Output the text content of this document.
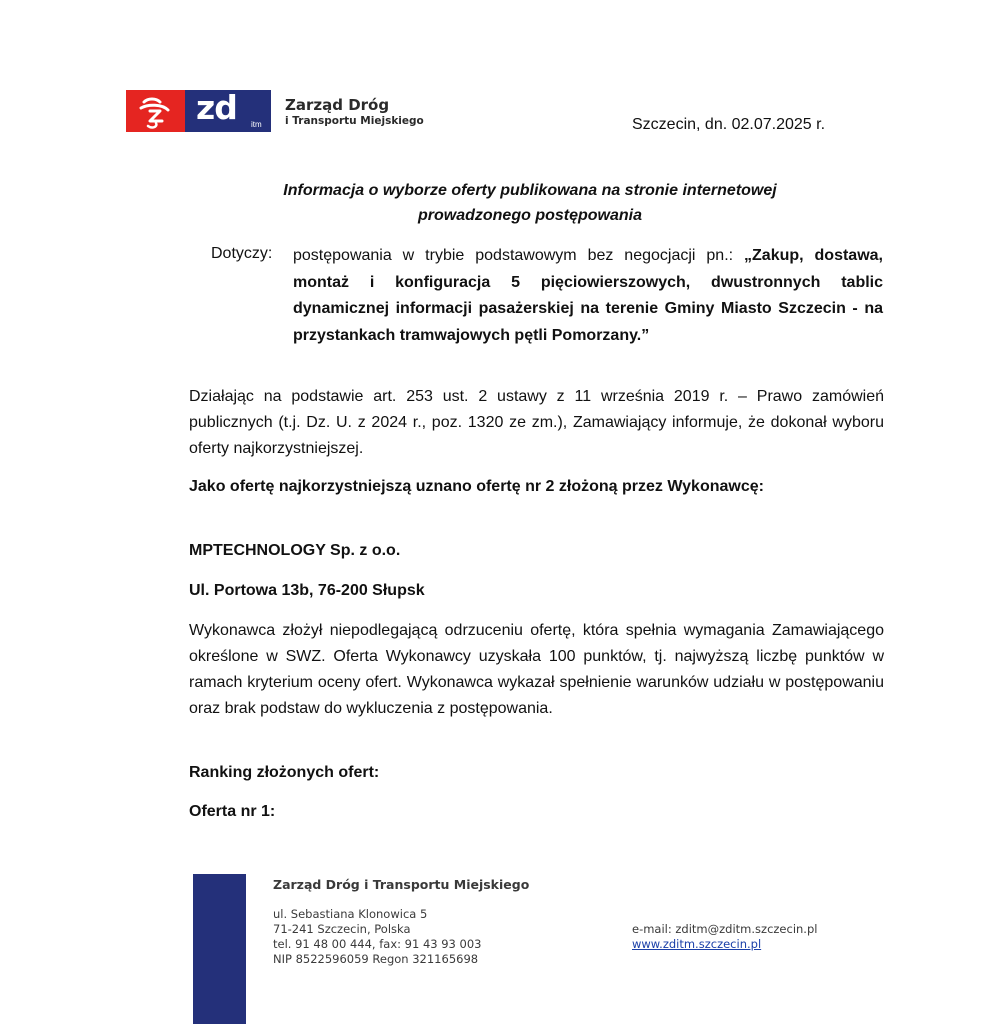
zd itm
Zarząd Dróg
i Transportu Miejskiego	Szczecin, dn. 02.07.2025 r.
Informacja o wyborze oferty publikowana na stronie internetowej
prowadzonego postępowania
Dotyczy: postępowania w trybie podstawowym bez negocjacji pn.: „Zakup, dostawa, montaż i konfiguracja 5 pięciowierszowych, dwustronnych tablic dynamicznej informacji pasażerskiej na terenie Gminy Miasto Szczecin - na przystankach tramwajowych pętli Pomorzany.”
Działając na podstawie art. 253 ust. 2 ustawy z 11 września 2019 r. – Prawo zamówień publicznych (t.j. Dz. U. z 2024 r., poz. 1320 ze zm.), Zamawiający informuje, że dokonał wyboru oferty najkorzystniejszej.
Jako ofertę najkorzystniejszą uznano ofertę nr 2 złożoną przez Wykonawcę:
MPTECHNOLOGY Sp. z o.o.
Ul. Portowa 13b, 76-200 Słupsk
Wykonawca złożył niepodlegającą odrzuceniu ofertę, która spełnia wymagania Zamawiającego określone w SWZ. Oferta Wykonawcy uzyskała 100 punktów, tj. najwyższą liczbę punktów w ramach kryterium oceny ofert. Wykonawca wykazał spełnienie warunków udziału w postępowaniu oraz brak podstaw do wykluczenia z postępowania.
Ranking złożonych ofert:
Oferta nr 1:
Zarząd Dróg i Transportu Miejskiego
ul. Sebastiana Klonowica 5
71-241 Szczecin, Polska
tel. 91 48 00 444, fax: 91 43 93 003
NIP 8522596059 Regon 321165698
e-mail: zditm@zditm.szczecin.pl
www.zditm.szczecin.pl
